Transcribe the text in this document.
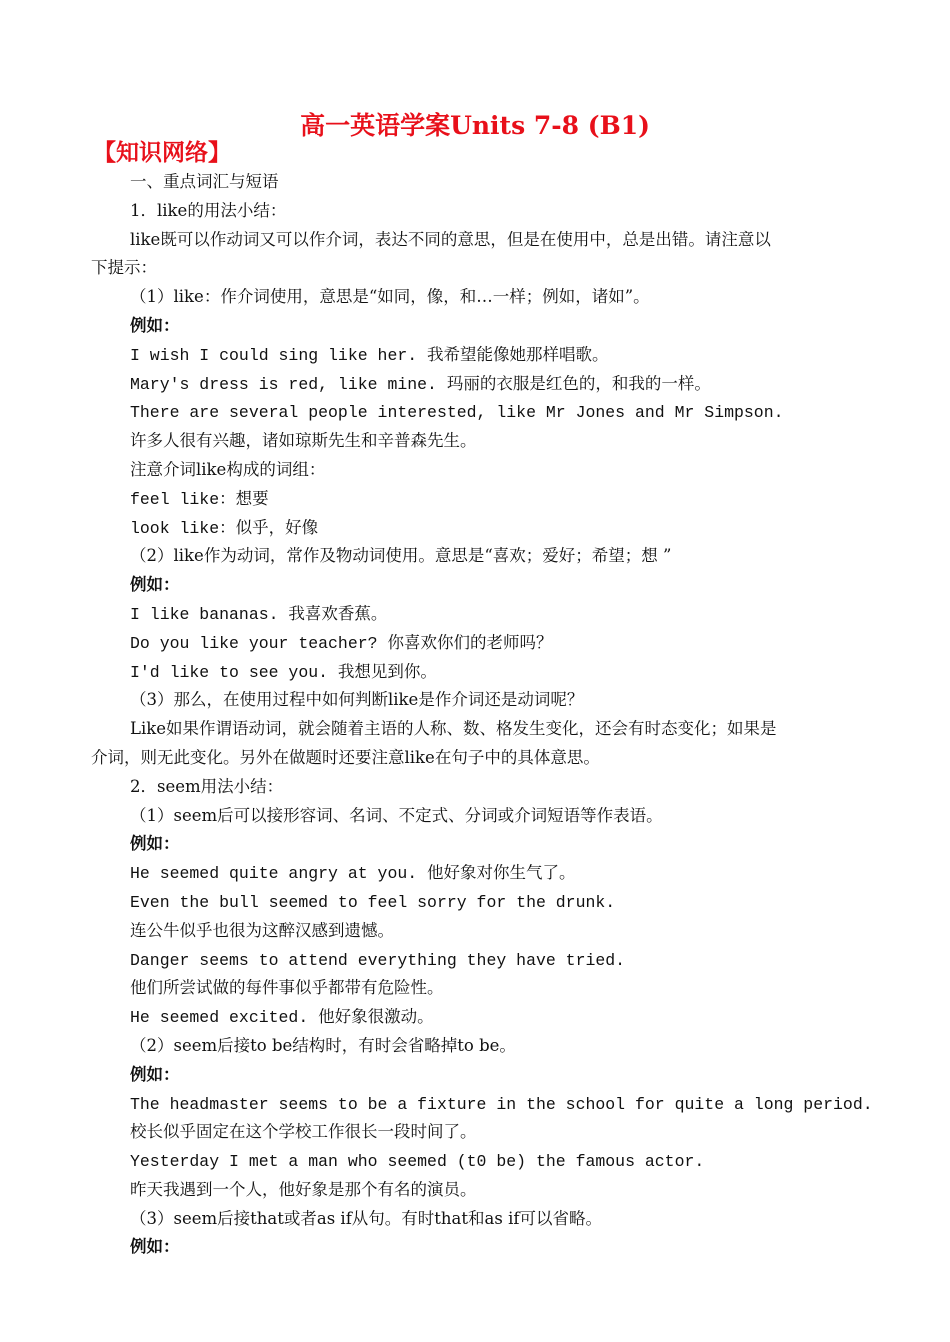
高一英语学案Units 7-8 (B1)
【知识网络】

一、重点词汇与短语

1．like的用法小结：

like既可以作动词又可以作介词，表达不同的意思，但是在使用中，总是出错。请注意以

下提示：

（1）like：作介词使用，意思是“如同，像，和…一样；例如，诸如”。

例如：

I wish I could sing like her. 我希望能像她那样唱歌。

Mary's dress is red, like mine. 玛丽的衣服是红色的，和我的一样。

There are several people interested, like Mr Jones and Mr Simpson.

许多人很有兴趣，诸如琼斯先生和辛普森先生。

注意介词like构成的词组：

feel like：想要

look like：似乎，好像

（2）like作为动词，常作及物动词使用。意思是“喜欢；爱好；希望；想 ”

例如：

I like bananas. 我喜欢香蕉。

Do you like your teacher? 你喜欢你们的老师吗？

I'd like to see you. 我想见到你。

（3）那么，在使用过程中如何判断like是作介词还是动词呢？

Like如果作谓语动词，就会随着主语的人称、数、格发生变化，还会有时态变化；如果是

介词，则无此变化。另外在做题时还要注意like在句子中的具体意思。

2．seem用法小结：

（1）seem后可以接形容词、名词、不定式、分词或介词短语等作表语。

例如：

He seemed quite angry at you. 他好象对你生气了。

Even the bull seemed to feel sorry for the drunk.

连公牛似乎也很为这醉汉感到遗憾。

Danger seems to attend everything they have tried.

他们所尝试做的每件事似乎都带有危险性。

He seemed excited. 他好象很激动。

（2）seem后接to be结构时，有时会省略掉to be。

例如：

The headmaster seems to be a fixture in the school for quite a long period.

校长似乎固定在这个学校工作很长一段时间了。

Yesterday I met a man who seemed (t0 be) the famous actor.

昨天我遇到一个人，他好象是那个有名的演员。

（3）seem后接that或者as if从句。有时that和as if可以省略。

例如：
